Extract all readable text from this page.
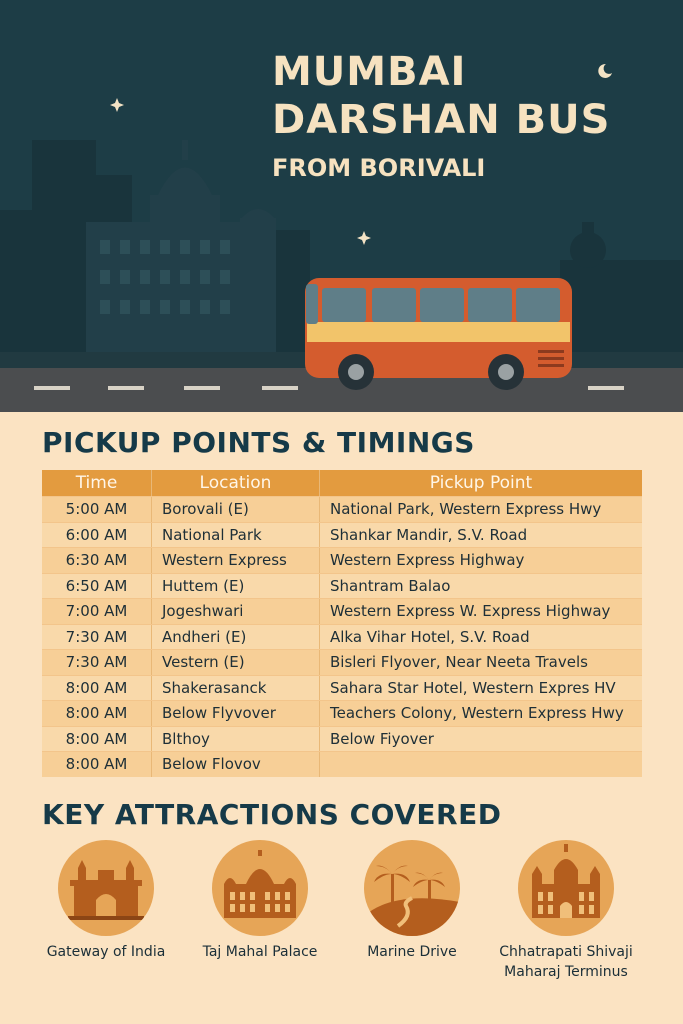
MUMBAI
DARSHAN BUS
FROM BORIVALI
PICKUP POINTS & TIMINGS
Time	Location	Pickup Point
5:00 AM	Borovali (E)	National Park, Western Express Hwy
6:00 AM	National Park	Shankar Mandir, S.V. Road
6:30 AM	Western Express	Western Express Highway
6:50 AM	Huttem (E)	Shantram Balao
7:00 AM	Jogeshwari	Western Express W. Express Highway
7:30 AM	Andheri (E)	Alka Vihar Hotel, S.V. Road
7:30 AM	Vestern (E)	Bisleri Flyover, Near Neeta Travels
8:00 AM	Shakerasanck	Sahara Star Hotel, Western Expres HV
8:00 AM	Below Flyvover	Teachers Colony, Western Express Hwy
8:00 AM	Blthoy	Below Fiyover
8:00 AM	Below Flovov
KEY ATTRACTIONS COVERED
Gateway of India	Taj Mahal Palace	Marine Drive	Chhatrapati Shivaji
Maharaj Terminus
